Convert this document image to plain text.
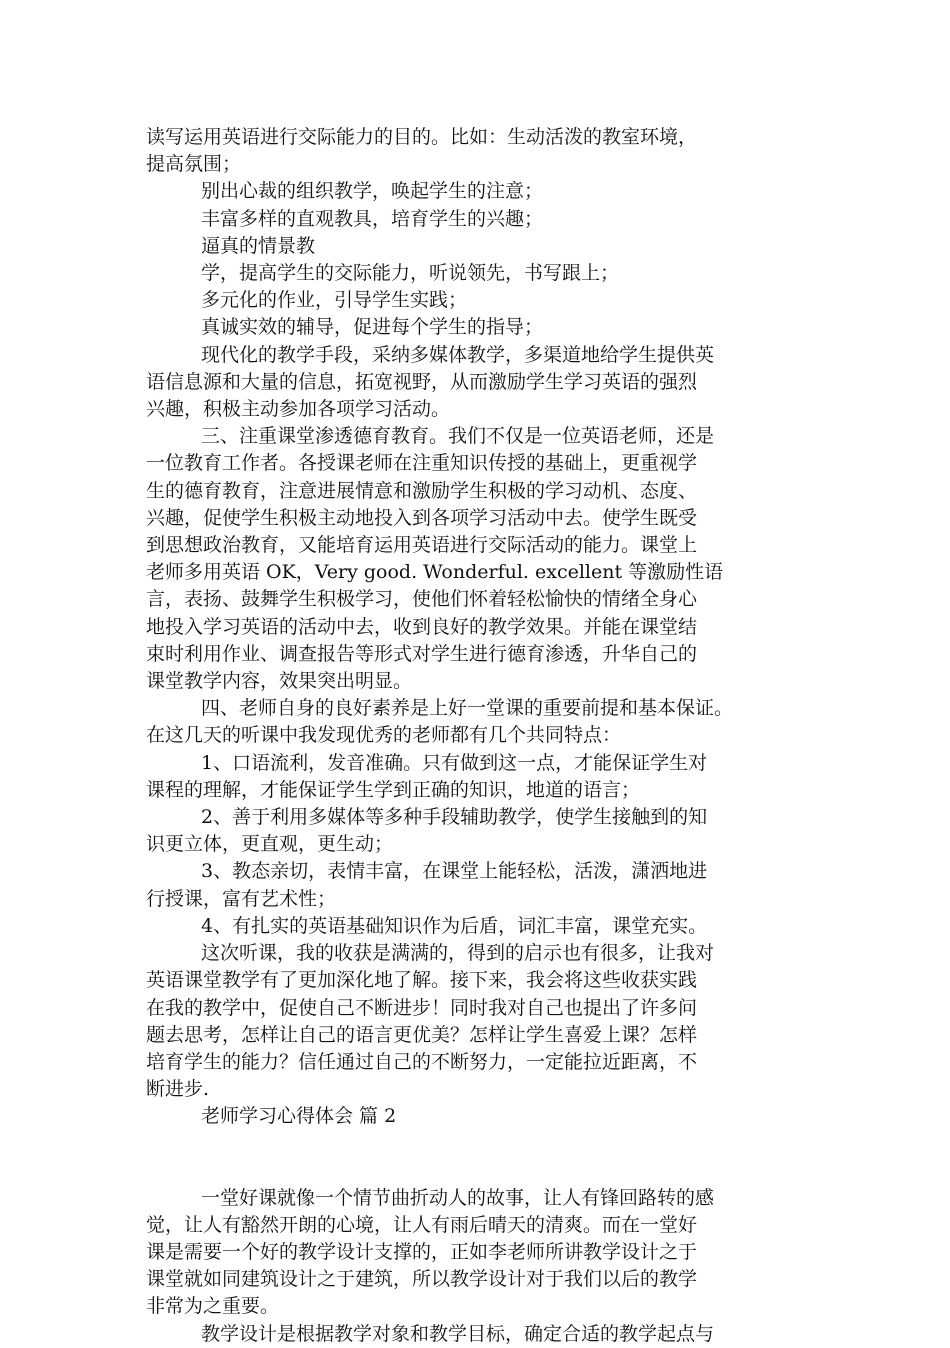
读写运用英语进行交际能力的目的。比如：生动活泼的教室环境，
提高氛围；
别出心裁的组织教学，唤起学生的注意；
丰富多样的直观教具，培育学生的兴趣；
逼真的情景教
学，提高学生的交际能力，听说领先，书写跟上；
多元化的作业，引导学生实践；
真诚实效的辅导，促进每个学生的指导；
现代化的教学手段，采纳多媒体教学，多渠道地给学生提供英
语信息源和大量的信息，拓宽视野，从而激励学生学习英语的强烈
兴趣，积极主动参加各项学习活动。
三、注重课堂渗透德育教育。我们不仅是一位英语老师，还是
一位教育工作者。各授课老师在注重知识传授的基础上，更重视学
生的德育教育，注意进展情意和激励学生积极的学习动机、态度、
兴趣，促使学生积极主动地投入到各项学习活动中去。使学生既受
到思想政治教育，又能培育运用英语进行交际活动的能力。课堂上
老师多用英语 OK，Very good. Wonderful. excellent 等激励性语
言，表扬、鼓舞学生积极学习，使他们怀着轻松愉快的情绪全身心
地投入学习英语的活动中去，收到良好的教学效果。并能在课堂结
束时利用作业、调查报告等形式对学生进行德育渗透，升华自己的
课堂教学内容，效果突出明显。
四、老师自身的良好素养是上好一堂课的重要前提和基本保证。
在这几天的听课中我发现优秀的老师都有几个共同特点：
1、口语流利，发音准确。只有做到这一点，才能保证学生对
课程的理解，才能保证学生学到正确的知识，地道的语言；
2、善于利用多媒体等多种手段辅助教学，使学生接触到的知
识更立体，更直观，更生动；
3、教态亲切，表情丰富，在课堂上能轻松，活泼，潇洒地进
行授课，富有艺术性；
4、有扎实的英语基础知识作为后盾，词汇丰富，课堂充实。
这次听课，我的收获是满满的，得到的启示也有很多，让我对
英语课堂教学有了更加深化地了解。接下来，我会将这些收获实践
在我的教学中，促使自己不断进步！同时我对自己也提出了许多问
题去思考，怎样让自己的语言更优美？怎样让学生喜爱上课？怎样
培育学生的能力？信任通过自己的不断努力，一定能拉近距离，不
断进步.
老师学习心得体会 篇 2
一堂好课就像一个情节曲折动人的故事，让人有锋回路转的感
觉，让人有豁然开朗的心境，让人有雨后晴天的清爽。而在一堂好
课是需要一个好的教学设计支撑的，正如李老师所讲教学设计之于
课堂就如同建筑设计之于建筑，所以教学设计对于我们以后的教学
非常为之重要。
教学设计是根据教学对象和教学目标，确定合适的教学起点与
